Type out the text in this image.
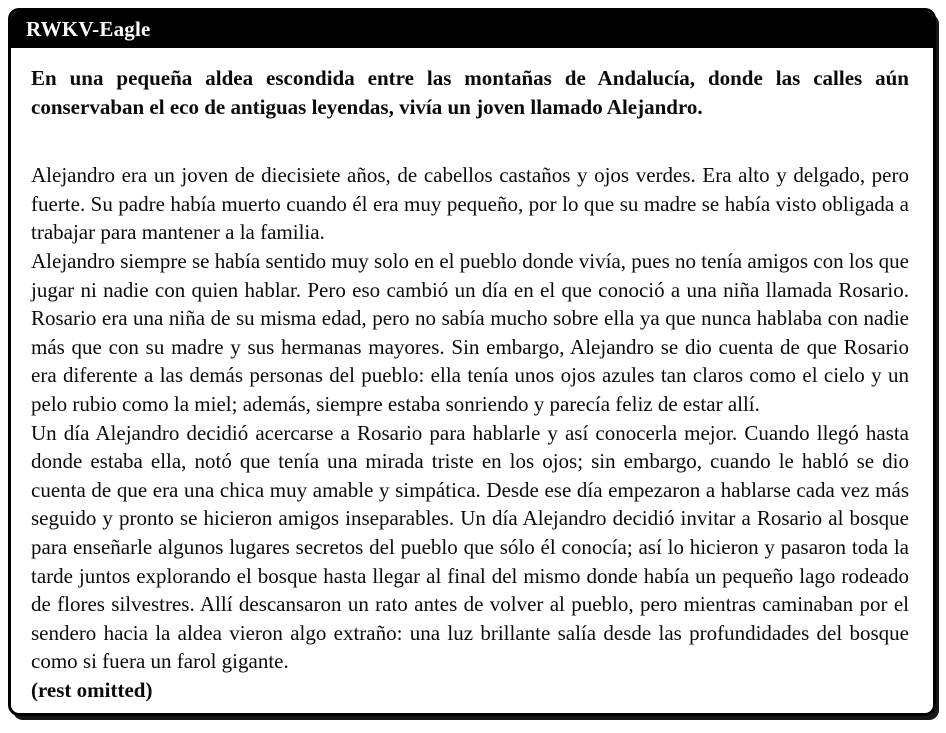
RWKV-Eagle

En una pequeña aldea escondida entre las montañas de Andalucía, donde las calles aún conservaban el eco de antiguas leyendas, vivía un joven llamado Alejandro.

Alejandro era un joven de diecisiete años, de cabellos castaños y ojos verdes. Era alto y delgado, pero fuerte. Su padre había muerto cuando él era muy pequeño, por lo que su madre se había visto obligada a trabajar para mantener a la familia.

Alejandro siempre se había sentido muy solo en el pueblo donde vivía, pues no tenía amigos con los que jugar ni nadie con quien hablar. Pero eso cambió un día en el que conoció a una niña llamada Rosario. Rosario era una niña de su misma edad, pero no sabía mucho sobre ella ya que nunca hablaba con nadie más que con su madre y sus hermanas mayores. Sin embargo, Alejandro se dio cuenta de que Rosario era diferente a las demás personas del pueblo: ella tenía unos ojos azules tan claros como el cielo y un pelo rubio como la miel; además, siempre estaba sonriendo y parecía feliz de estar allí.

Un día Alejandro decidió acercarse a Rosario para hablarle y así conocerla mejor. Cuando llegó hasta donde estaba ella, notó que tenía una mirada triste en los ojos; sin embargo, cuando le habló se dio cuenta de que era una chica muy amable y simpática. Desde ese día empezaron a hablarse cada vez más seguido y pronto se hicieron amigos inseparables. Un día Alejandro decidió invitar a Rosario al bosque para enseñarle algunos lugares secretos del pueblo que sólo él conocía; así lo hicieron y pasaron toda la tarde juntos explorando el bosque hasta llegar al final del mismo donde había un pequeño lago rodeado de flores silvestres. Allí descansaron un rato antes de volver al pueblo, pero mientras caminaban por el sendero hacia la aldea vieron algo extraño: una luz brillante salía desde las profundidades del bosque como si fuera un farol gigante.

(rest omitted)
